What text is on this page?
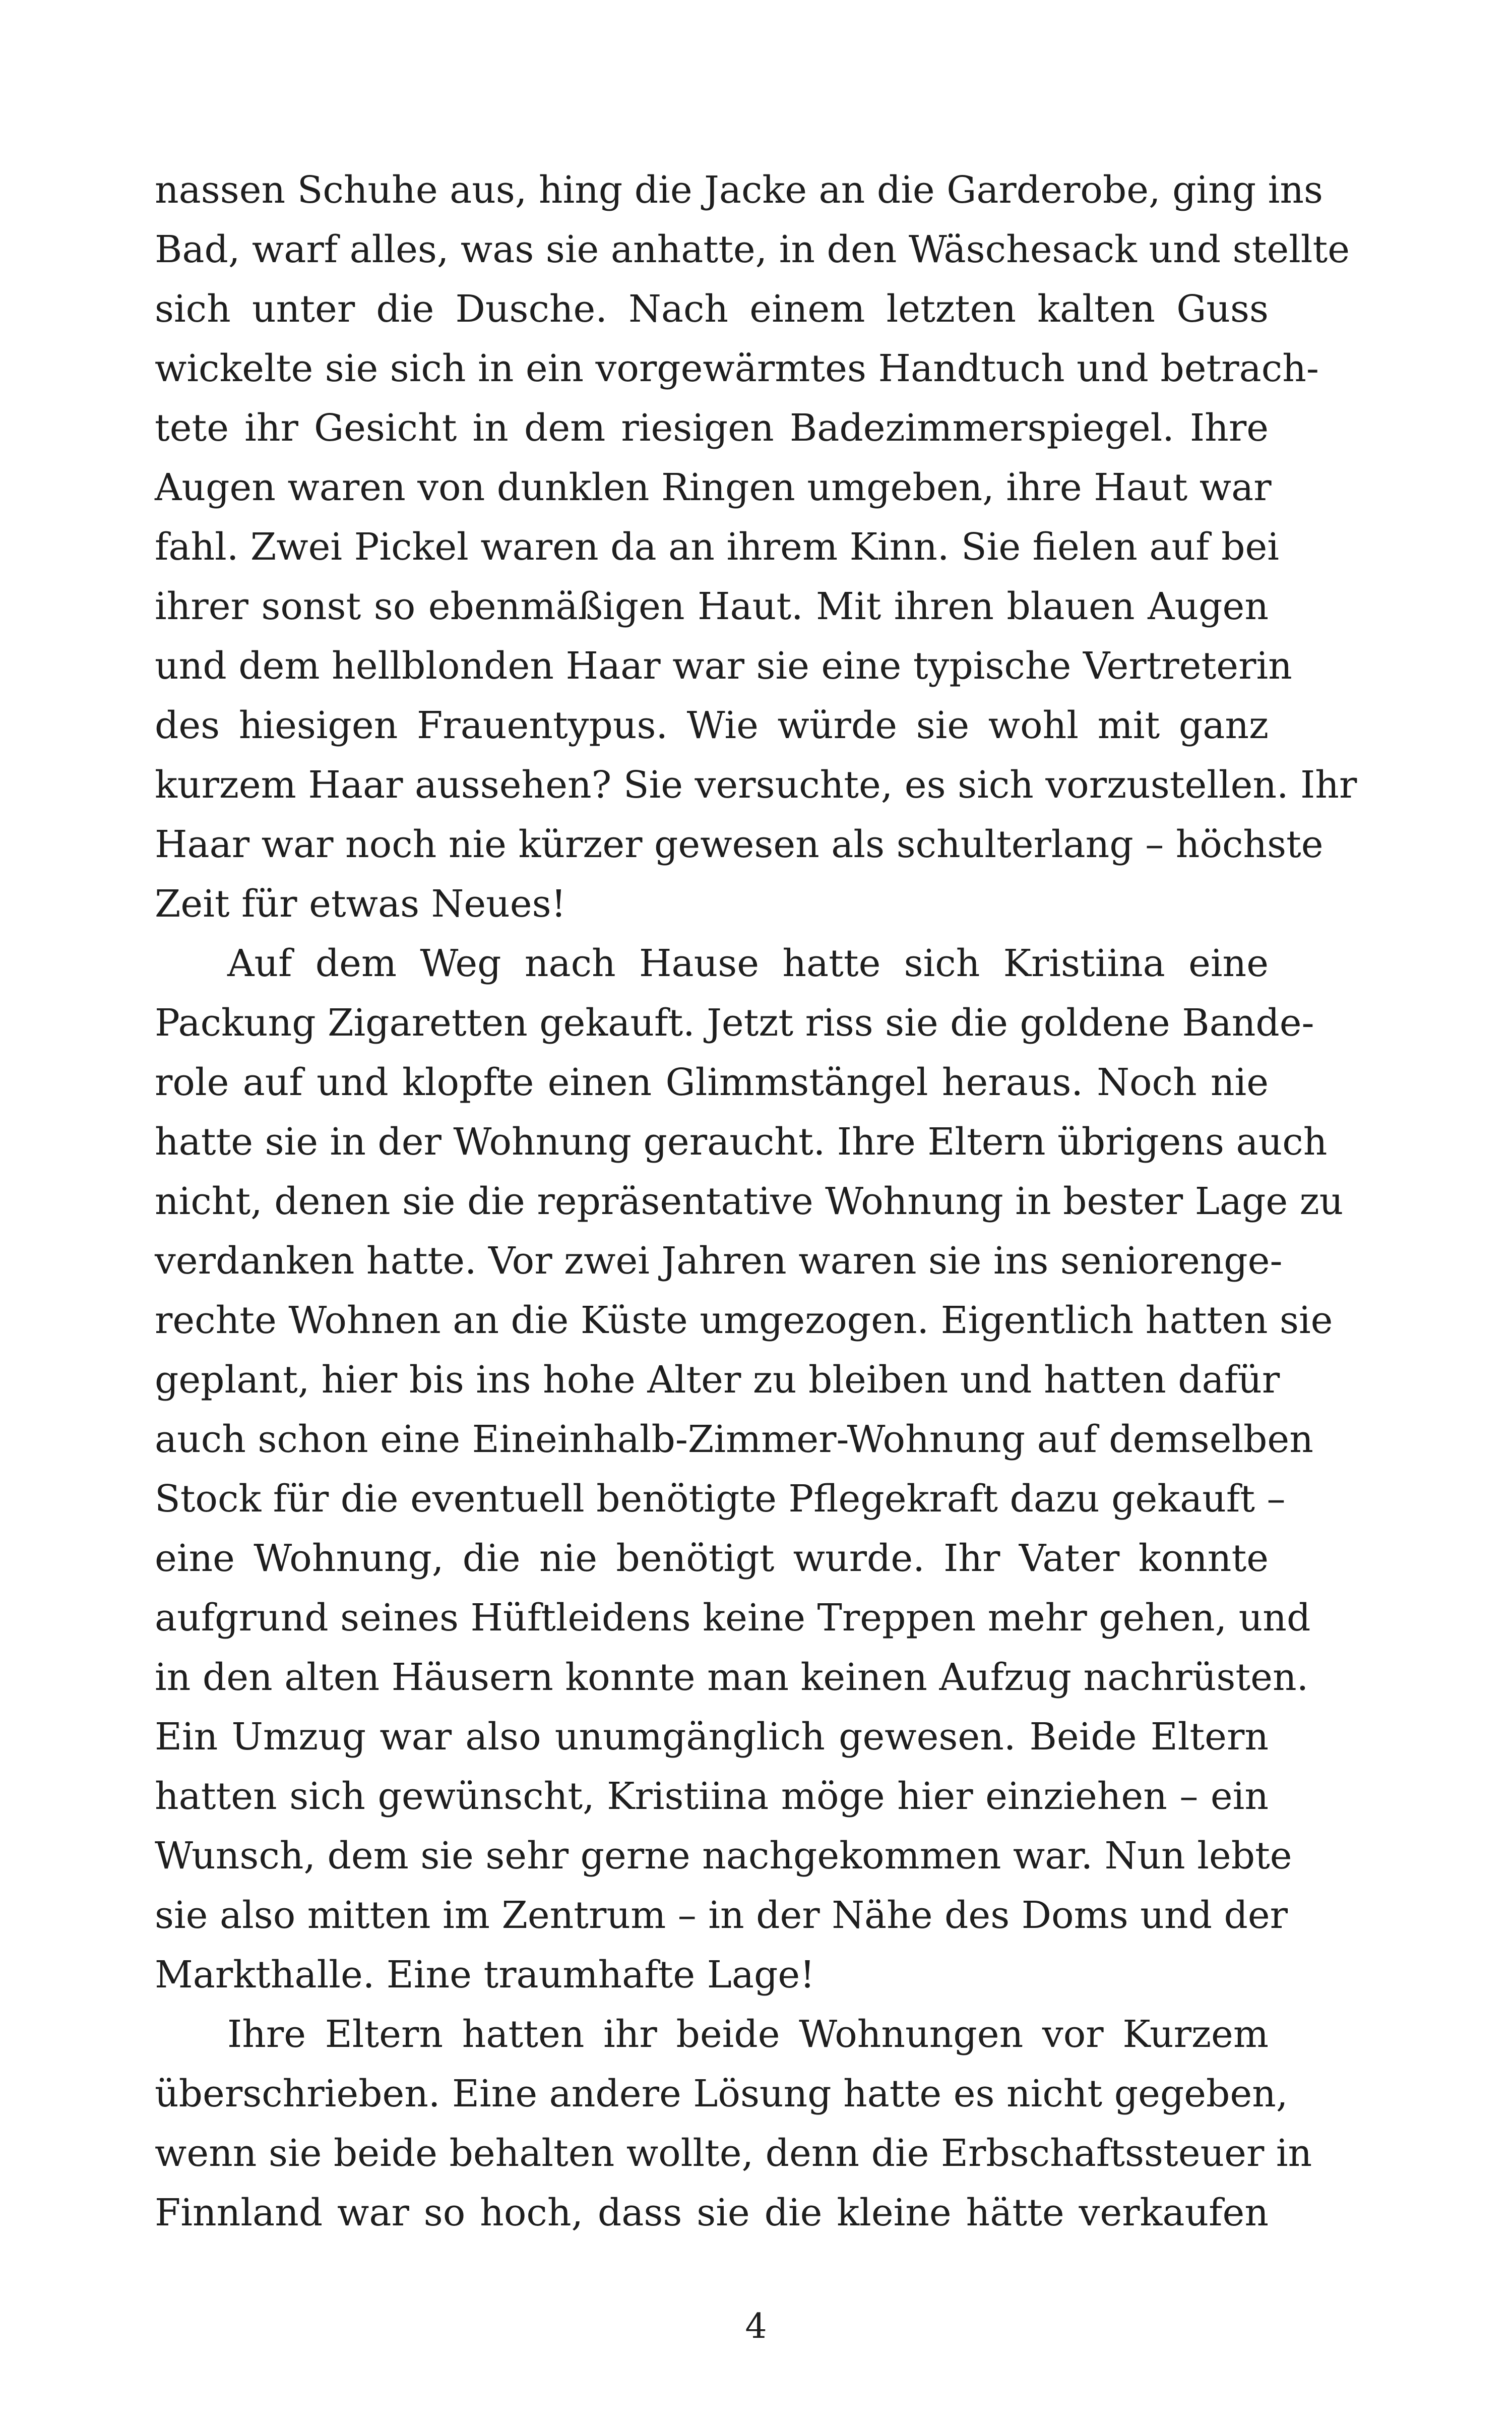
nassen Schuhe aus, hing die Jacke an die Garderobe, ging ins
Bad, warf alles, was sie anhatte, in den Wäschesack und stellte
sich unter die Dusche. Nach einem letzten kalten Guss
wickelte sie sich in ein vorgewärmtes Handtuch und betrach-
tete ihr Gesicht in dem riesigen Badezimmerspiegel. Ihre
Augen waren von dunklen Ringen umgeben, ihre Haut war
fahl. Zwei Pickel waren da an ihrem Kinn. Sie fielen auf bei
ihrer sonst so ebenmäßigen Haut. Mit ihren blauen Augen
und dem hellblonden Haar war sie eine typische Vertreterin
des hiesigen Frauentypus. Wie würde sie wohl mit ganz
kurzem Haar aussehen? Sie versuchte, es sich vorzustellen. Ihr
Haar war noch nie kürzer gewesen als schulterlang – höchste
Zeit für etwas Neues!
Auf dem Weg nach Hause hatte sich Kristiina eine
Packung Zigaretten gekauft. Jetzt riss sie die goldene Bande-
role auf und klopfte einen Glimmstängel heraus. Noch nie
hatte sie in der Wohnung geraucht. Ihre Eltern übrigens auch
nicht, denen sie die repräsentative Wohnung in bester Lage zu
verdanken hatte. Vor zwei Jahren waren sie ins seniorenge-
rechte Wohnen an die Küste umgezogen. Eigentlich hatten sie
geplant, hier bis ins hohe Alter zu bleiben und hatten dafür
auch schon eine Eineinhalb-Zimmer-Wohnung auf demselben
Stock für die eventuell benötigte Pflegekraft dazu gekauft –
eine Wohnung, die nie benötigt wurde. Ihr Vater konnte
aufgrund seines Hüftleidens keine Treppen mehr gehen, und
in den alten Häusern konnte man keinen Aufzug nachrüsten.
Ein Umzug war also unumgänglich gewesen. Beide Eltern
hatten sich gewünscht, Kristiina möge hier einziehen – ein
Wunsch, dem sie sehr gerne nachgekommen war. Nun lebte
sie also mitten im Zentrum – in der Nähe des Doms und der
Markthalle. Eine traumhafte Lage!
Ihre Eltern hatten ihr beide Wohnungen vor Kurzem
überschrieben. Eine andere Lösung hatte es nicht gegeben,
wenn sie beide behalten wollte, denn die Erbschaftssteuer in
Finnland war so hoch, dass sie die kleine hätte verkaufen
4
